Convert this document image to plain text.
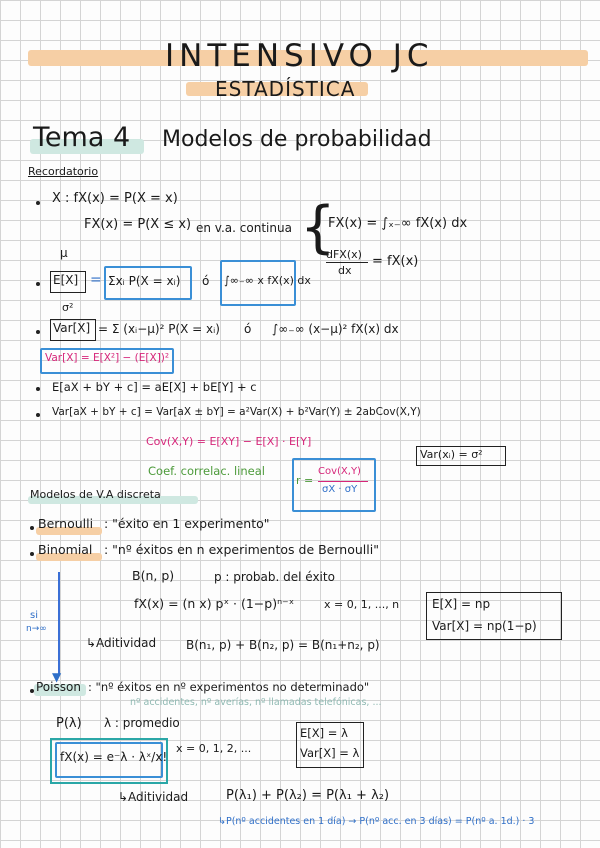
INTENSIVO JC
ESTADÍSTICA
Tema 4 Modelos de probabilidad
Recordatorio
X : fX(x) = P(X = x)
FX(x) = P(X ≤ x) en v.a. continua {
FX(x) = ∫ₓ₋∞ fX(x) dx
dFX(x)
dx
= fX(x)
μ
E[X] = Σxᵢ P(X = xᵢ) ó ∫∞₋∞ x fX(x) dx
σ²
Var[X] = Σ (xᵢ−μ)² P(X = xᵢ) ó ∫∞₋∞ (x−μ)² fX(x) dx
Var[X] = E[X²] − (E[X])²
E[aX + bY + c] = aE[X] + bE[Y] + c
Var[aX + bY + c] = Var[aX ± bY] = a²Var(X) + b²Var(Y) ± 2abCov(X,Y)
Cov(X,Y) = E[XY] − E[X] · E[Y]
Var(xᵢ) = σ²
Coef. correlac. lineal
r =
Cov(X,Y)
σX · σY
Modelos de V.A discreta
Bernoulli : "éxito en 1 experimento"
Binomial : "nº éxitos en n experimentos de Bernoulli"
B(n, p)	p : probab. del éxito
fX(x) = (n x) pˣ · (1−p)ⁿ⁻ˣ	x = 0, 1, ..., n	E[X] = np
Var[X] = np(1−p)
si
n→∞
▼
↳Aditividad B(n₁, p) + B(n₂, p) = B(n₁+n₂, p)
Poisson : "nº éxitos en nº experimentos no determinado"
nº accidentes, nº averías, nº llamadas telefónicas, ...
P(λ) λ : promedio
fX(x) = e⁻λ · λˣ/x!
x = 0, 1, 2, ...
E[X] = λ
Var[X] = λ
↳Aditividad	P(λ₁) + P(λ₂) = P(λ₁ + λ₂)
↳P(nº accidentes en 1 día) → P(nº acc. en 3 días) = P(nº a. 1d.) · 3
